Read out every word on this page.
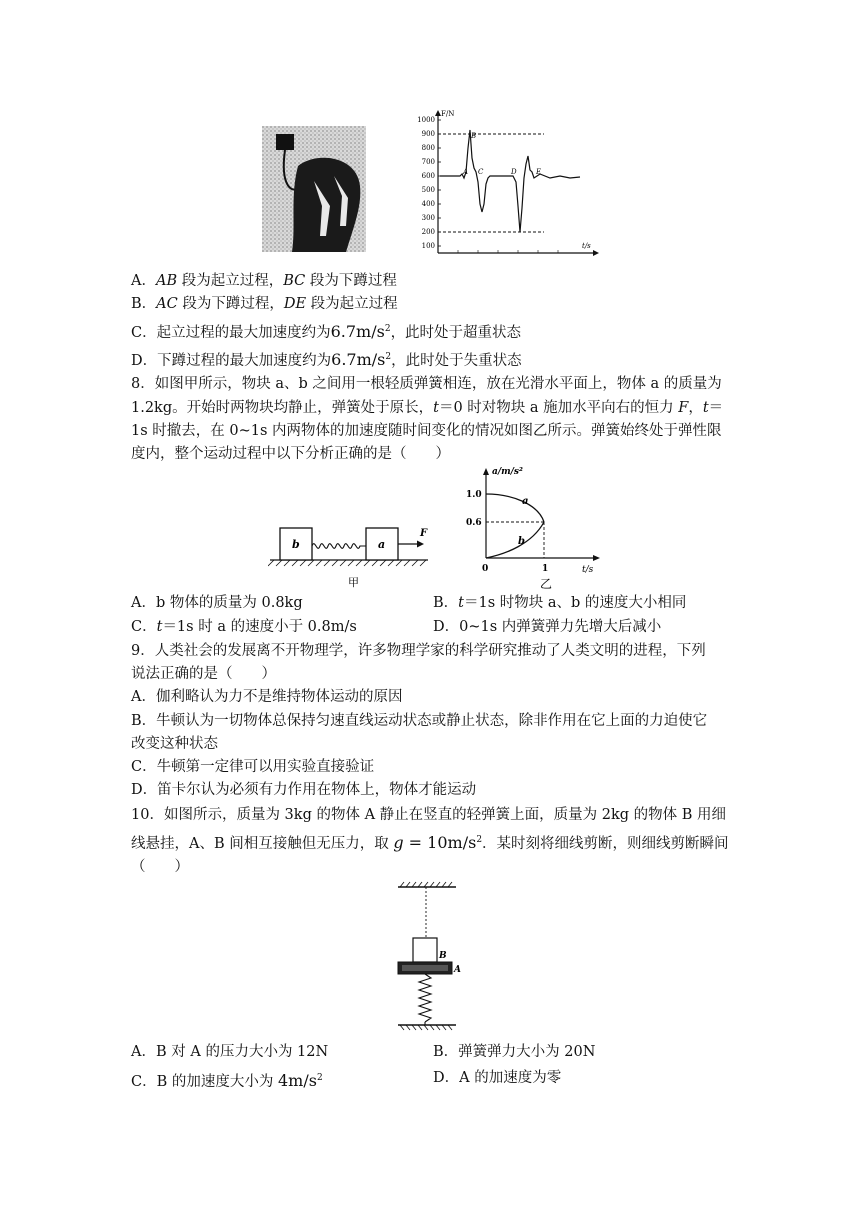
F/N
t/s
1000
900
800
700
600
500
400
300
200
100
A
B
C	D	E
A．AB 段为起立过程，BC 段为下蹲过程
B．AC 段为下蹲过程，DE 段为起立过程
C．起立过程的最大加速度约为$6.7m/s^2$，此时处于超重状态
D．下蹲过程的最大加速度约为$6.7m/s^2$，此时处于失重状态
8．如图甲所示，物块 a、b 之间用一根轻质弹簧相连，放在光滑水平面上，物体 a 的质量为
1.2kg。开始时两物块均静止，弹簧处于原长，t＝0 时对物块 a 施加水平向右的恒力 F，t＝
1s 时撤去，在 0~1s 内两物体的加速度随时间变化的情况如图乙所示。弹簧始终处于弹性限
度内，整个运动过程中以下分析正确的是（　　）
b	a
F
甲
a/m/s²
t/s
1.0
0.6
0	1
a
b
乙
A．b 物体的质量为 0.8kg	B．t＝1s 时物块 a、b 的速度大小相同
C．t＝1s 时 a 的速度小于 0.8m/s	D．0~1s 内弹簧弹力先增大后减小
9．人类社会的发展离不开物理学，许多物理学家的科学研究推动了人类文明的进程，下列
说法正确的是（　　）
A．伽利略认为力不是维持物体运动的原因
B．牛顿认为一切物体总保持匀速直线运动状态或静止状态，除非作用在它上面的力迫使它
改变这种状态
C．牛顿第一定律可以用实验直接验证
D．笛卡尔认为必须有力作用在物体上，物体才能运动
10．如图所示，质量为 3kg 的物体 A 静止在竖直的轻弹簧上面，质量为 2kg 的物体 B 用细
线悬挂，A、B 间相互接触但无压力，取 $g = 10m/s^2$．某时刻将细线剪断，则细线剪断瞬间
（　　）
B
A
A．B 对 A 的压力大小为 12N	B．弹簧弹力大小为 20N
C．B 的加速度大小为 $4m/s^2$	D．A 的加速度为零
